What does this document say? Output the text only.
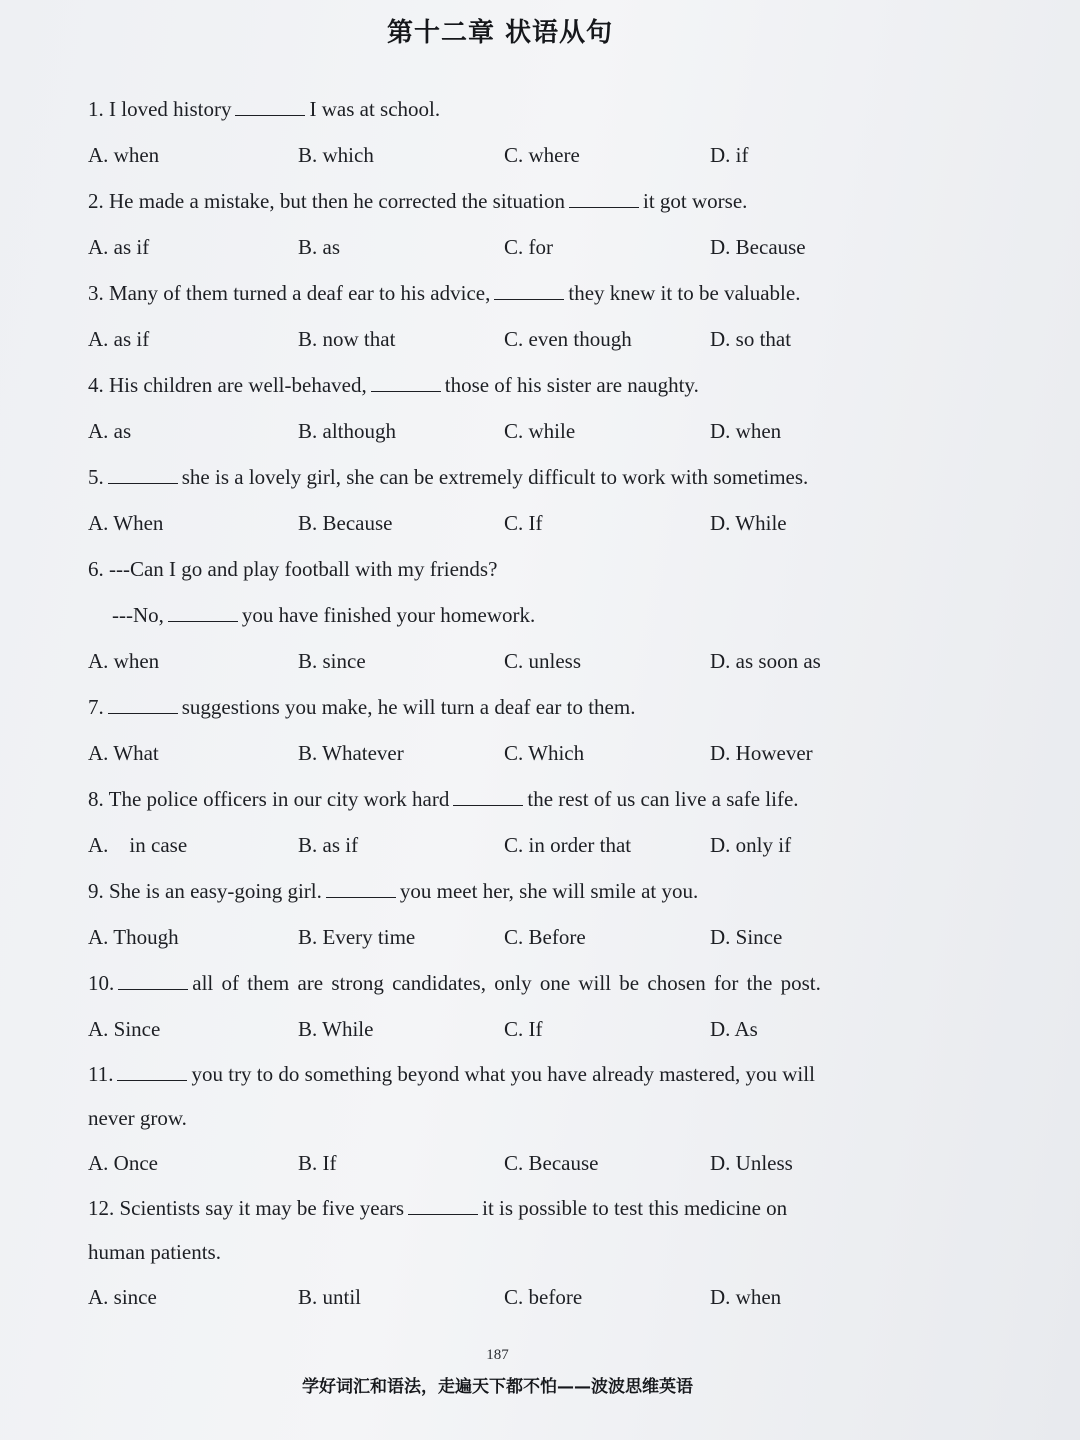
第十二章 状语从句
1. I loved history	I was at school.
A. when	B. which	C. where	D. if
2. He made a mistake, but then he corrected the situation	it got worse.
A. as if	B. as	C. for	D. Because
3. Many of them turned a deaf ear to his advice,	they knew it to be valuable.
A. as if	B. now that	C. even though	D. so that
4. His children are well-behaved,	those of his sister are naughty.
A. as	B. although	C. while	D. when
5.	she is a lovely girl, she can be extremely difficult to work with sometimes.
A. When	B. Because	C. If	D. While
6. ---Can I go and play football with my friends?
---No,	you have finished your homework.
A. when	B. since	C. unless	D. as soon as
7.	suggestions you make, he will turn a deaf ear to them.
A. What	B. Whatever	C. Which	D. However
8. The police officers in our city work hard	the rest of us can live a safe life.
A.    in case	B. as if	C. in order that	D. only if
9. She is an easy-going girl.	you meet her, she will smile at you.
A. Though	B. Every time	C. Before	D. Since
10.	all of them are strong candidates, only one will be chosen for the post.
A. Since	B. While	C. If	D. As
11.	you try to do something beyond what you have already mastered, you will
never grow.
A. Once	B. If	C. Because	D. Unless
12. Scientists say it may be five years	it is possible to test this medicine on
human patients.
A. since	B. until	C. before	D. when
187
学好词汇和语法，走遍天下都不怕——波波思维英语
